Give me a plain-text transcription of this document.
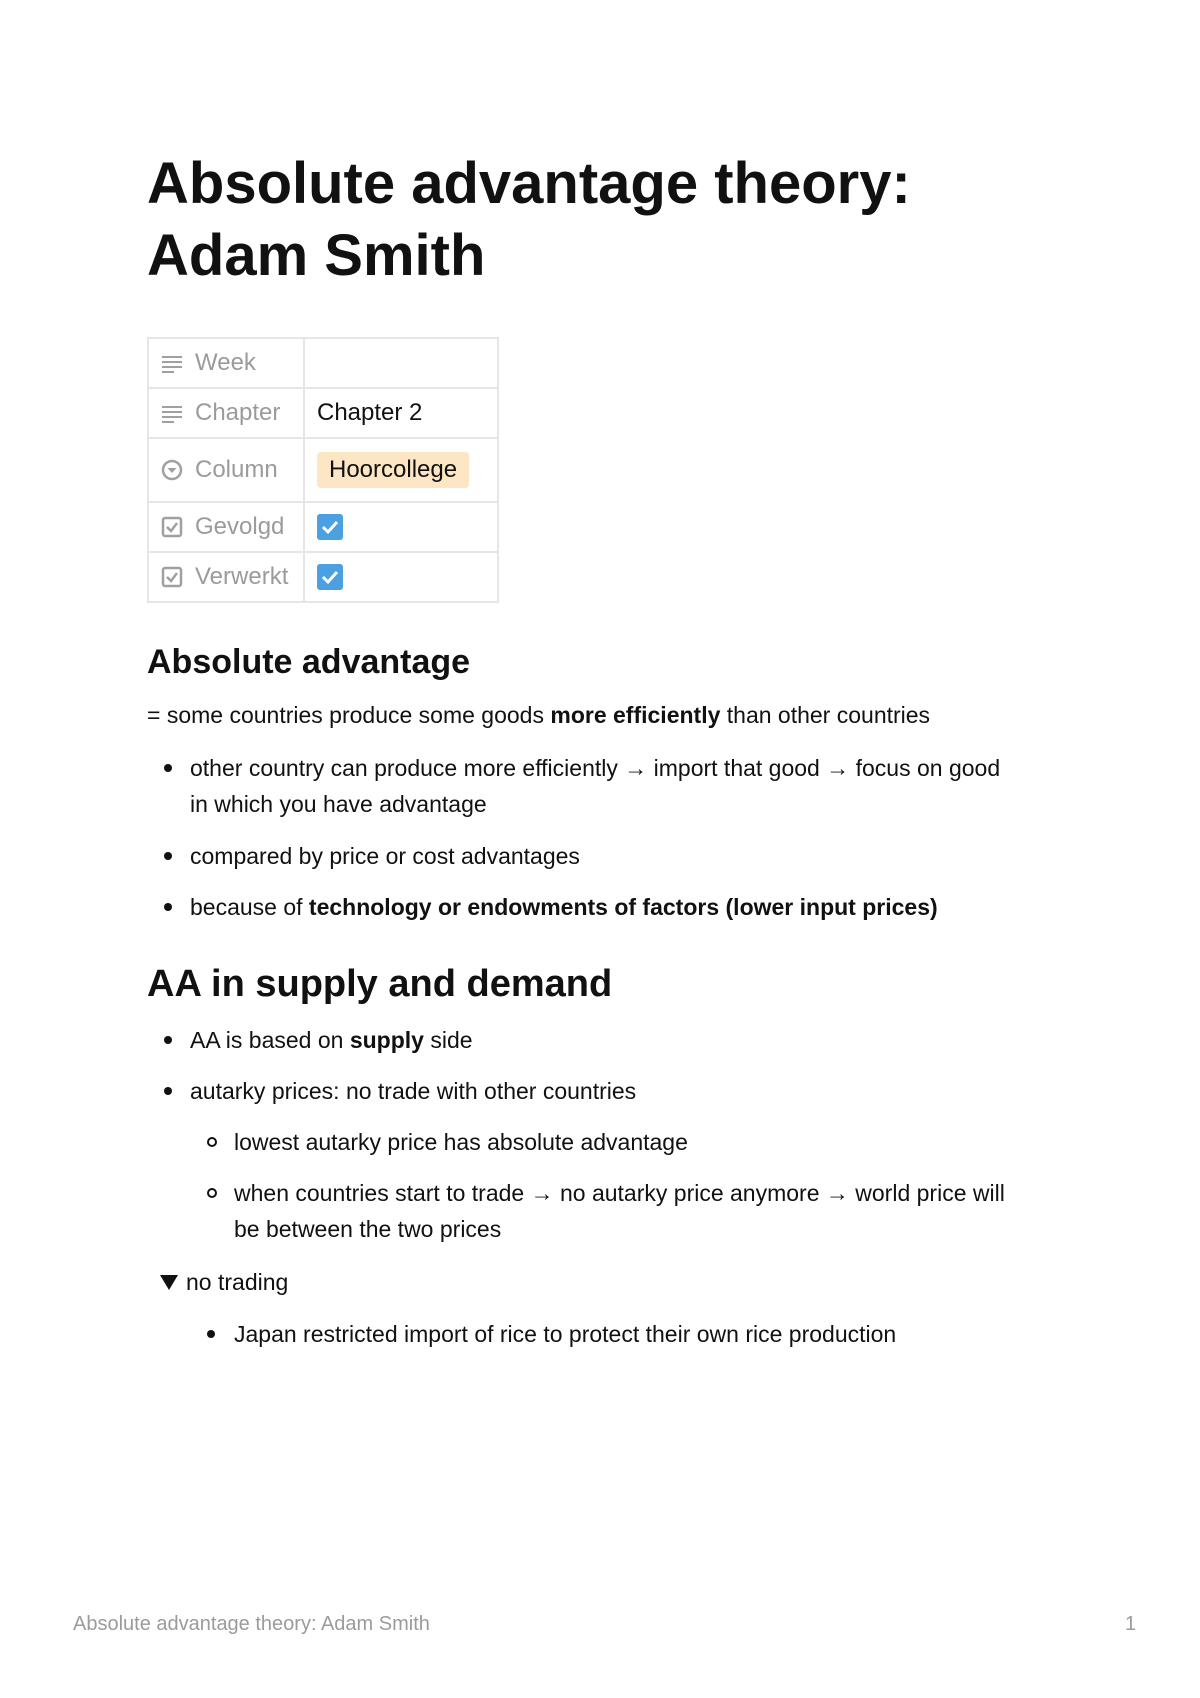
Absolute advantage theory: Adam Smith
Week	

Chapter	Chapter 2

Column	Hoorcollege

Gevolgd

Verwerkt

Absolute advantage
= some countries produce some goods more efficiently than other countries
other country can produce more efficiently → import that good → focus on good
in which you have advantage
compared by price or cost advantages
because of technology or endowments of factors (lower input prices)
AA in supply and demand
AA is based on supply side
autarky prices: no trade with other countries
lowest autarky price has absolute advantage
when countries start to trade → no autarky price anymore → world price will
be between the two prices
no trading
Japan restricted import of rice to protect their own rice production
Absolute advantage theory: Adam Smith	1
